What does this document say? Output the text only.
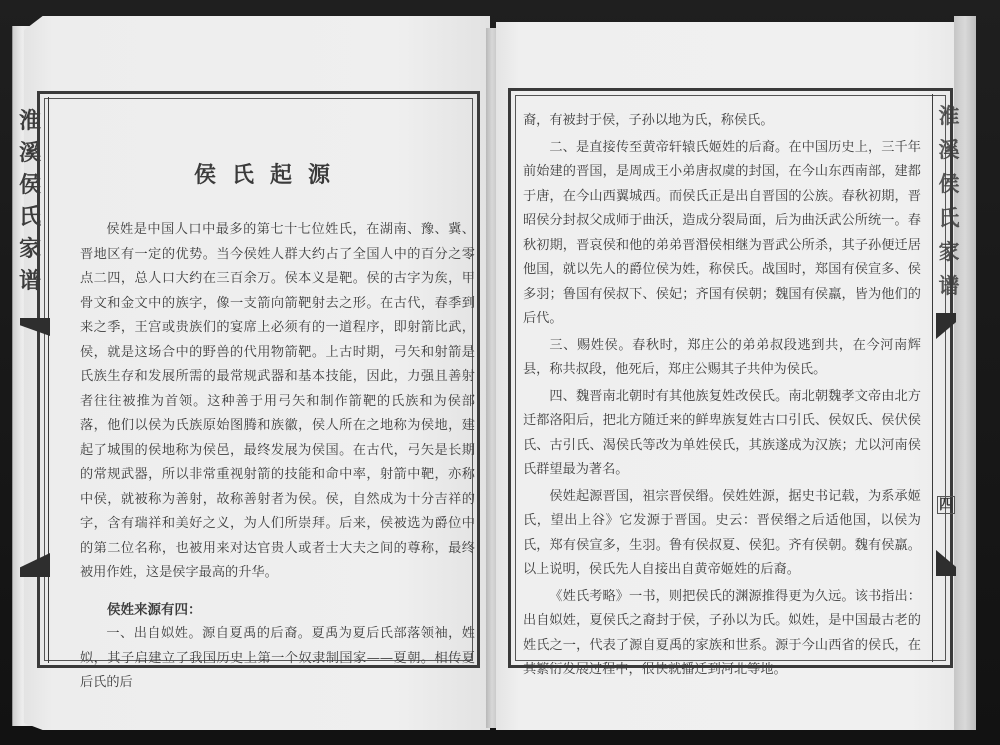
淮
溪
侯
氏
家
谱
侯氏起源

侯姓是中国人口中最多的第七十七位姓氏，在湖南、豫、冀、晋地区有一定的优势。当今侯姓人群大约占了全国人中的百分之零点二四，总人口大约在三百余万。侯本义是靶。侯的古字为矦，甲骨文和金文中的族字，像一支箭向箭靶射去之形。在古代，春季到来之季，王宫或贵族们的宴席上必须有的一道程序，即射箭比武，侯，就是这场合中的野兽的代用物箭靶。上古时期，弓矢和射箭是氏族生存和发展所需的最常规武器和基本技能，因此，力强且善射者往往被推为首领。这种善于用弓矢和制作箭靶的氏族和为侯部落，他们以侯为氏族原始图腾和族徽，侯人所在之地称为侯地，建起了城围的侯地称为侯邑，最终发展为侯国。在古代，弓矢是长期的常规武器，所以非常重视射箭的技能和命中率，射箭中靶，亦称中侯，就被称为善射，故称善射者为侯。侯，自然成为十分吉祥的字，含有瑞祥和美好之义，为人们所崇拜。后来，侯被选为爵位中的第二位名称，也被用来对达官贵人或者士大夫之间的尊称，最终被用作姓，这是侯字最高的升华。

侯姓来源有四：

一、出自姒姓。源自夏禹的后裔。夏禹为夏后氏部落领袖，姓姒，其子启建立了我国历史上第一个奴隶制国家——夏朝。相传夏后氏的后

淮
溪
侯
氏
家
谱
四

裔，有被封于侯，子孙以地为氏，称侯氏。

二、是直接传至黄帝轩辕氏姬姓的后裔。在中国历史上，三千年前始建的晋国，是周成王小弟唐叔虞的封国，在今山东西南部，建都于唐，在今山西翼城西。而侯氏正是出自晋国的公族。春秋初期，晋昭侯分封叔父成师于曲沃，造成分裂局面，后为曲沃武公所统一。春秋初期，晋哀侯和他的弟弟晋湣侯相继为晋武公所杀，其子孙便迁居他国，就以先人的爵位侯为姓，称侯氏。战国时，郑国有侯宣多、侯多羽；鲁国有侯叔下、侯妃；齐国有侯朝；魏国有侯羸，皆为他们的后代。

三、赐姓侯。春秋时，郑庄公的弟弟叔段逃到共，在今河南辉县，称共叔段，他死后，郑庄公赐其子共仲为侯氏。

四、魏晋南北朝时有其他族复姓改侯氏。南北朝魏孝文帝由北方迁都洛阳后，把北方随迁来的鲜卑族复姓古口引氏、侯奴氏、侯伏侯氏、古引氏、渴侯氏等改为单姓侯氏，其族遂成为汉族；尤以河南侯氏群望最为著名。

侯姓起源晋国，祖宗晋侯缗。侯姓姓源，据史书记载，为系承姬氏，望出上谷》它发源于晋国。史云：晋侯缗之后适他国，以侯为氏，郑有侯宣多，生羽。鲁有侯叔夏、侯犯。齐有侯朝。魏有侯羸。以上说明，侯氏先人自接出自黄帝姬姓的后裔。

《姓氏考略》一书，则把侯氏的渊源推得更为久远。该书指出：出自姒姓，夏侯氏之裔封于侯，子孙以为氏。姒姓，是中国最古老的姓氏之一，代表了源自夏禹的家族和世系。源于今山西省的侯氏，在其繁衍发展过程中，很快就播迁到河北等地。
